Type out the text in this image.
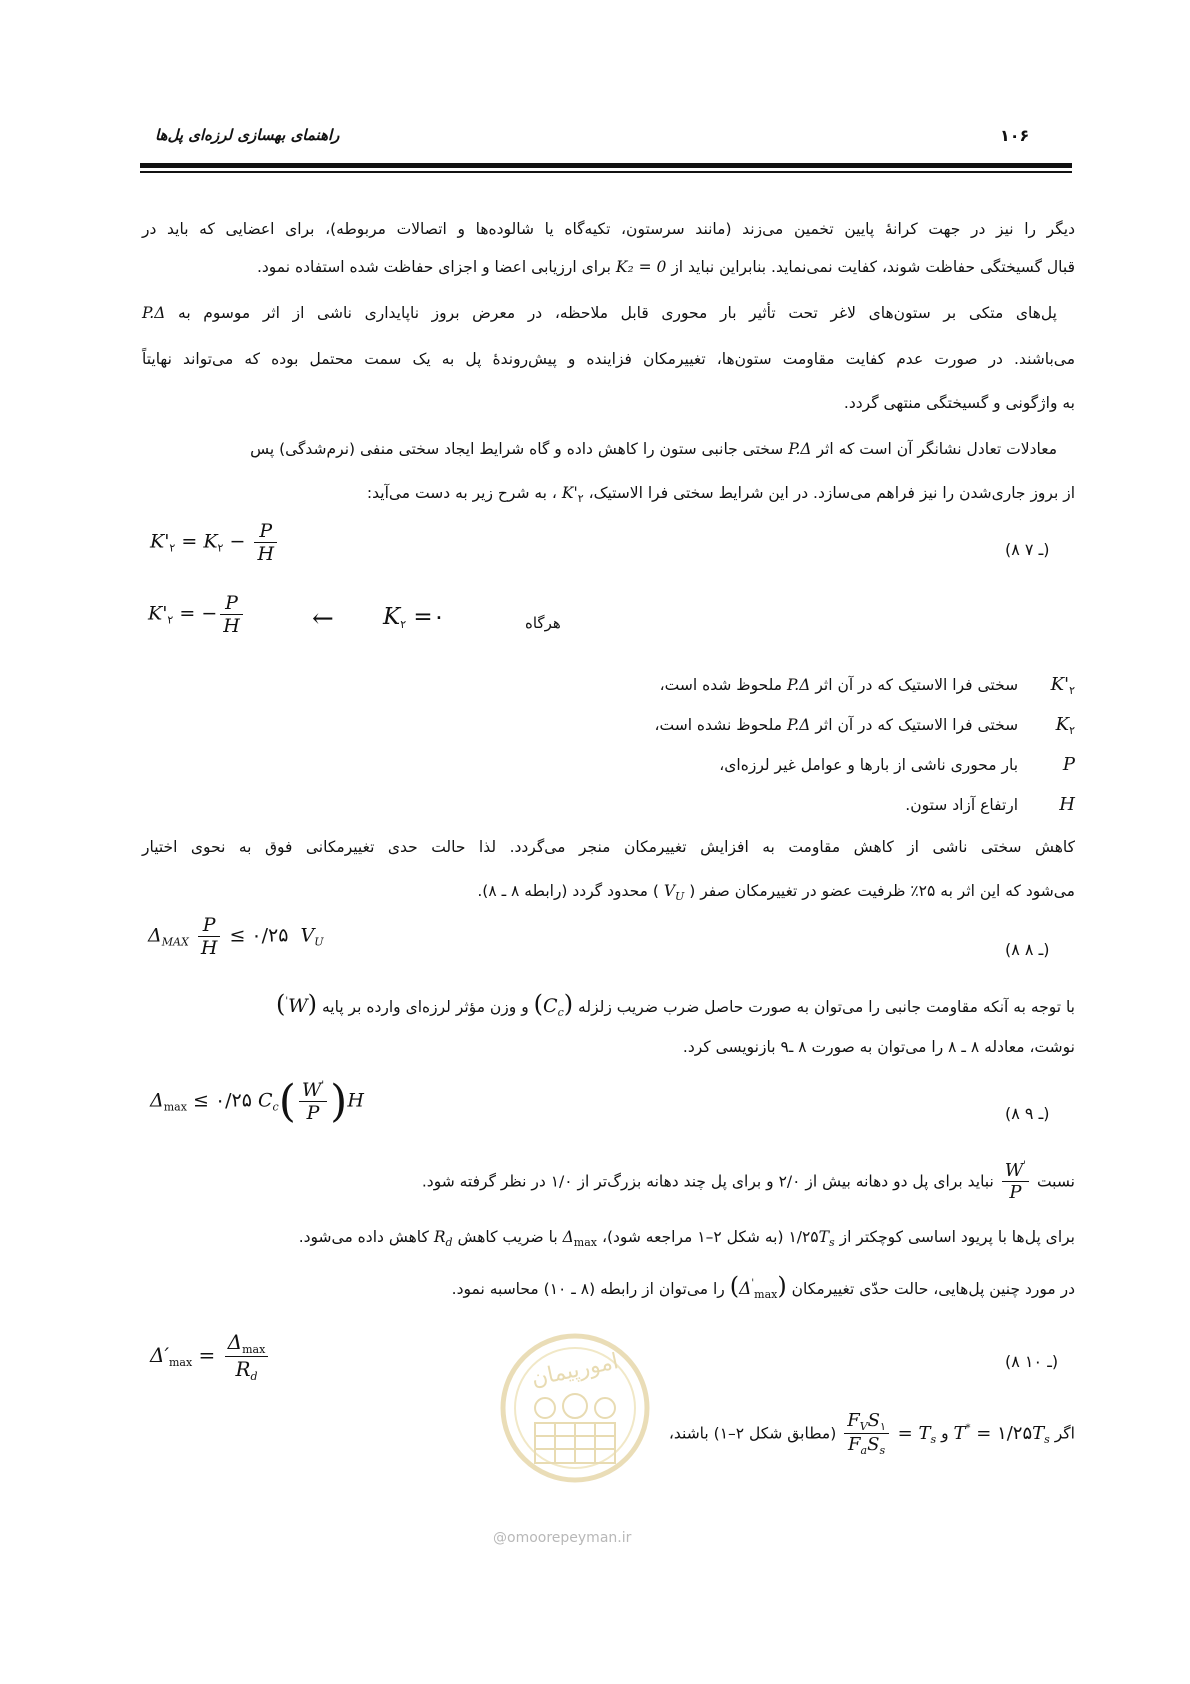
۱۰۶
راهنمای بهسازی لرزه‌ای پل‌ها
دیگر را نیز در جهت کرانهٔ پایین تخمین می‌زند (مانند سرستون، تکیه‌گاه یا شالوده‌ها و اتصالات مربوطه)، برای اعضایی که باید در
قبال گسیختگی حفاظت شوند، کفایت نمی‌نماید. بنابراین نباید از K₂ = 0 برای ارزیابی اعضا و اجزای حفاظت شده استفاده نمود.
پل‌های متکی بر ستون‌های لاغر تحت تأثیر بار محوری قابل ملاحظه، در معرض بروز ناپایداری ناشی از اثر موسوم به P.Δ
می‌باشند. در صورت عدم کفایت مقاومت ستون‌ها، تغییرمکان فزاینده و پیش‌روندهٔ پل به یک سمت محتمل بوده که می‌تواند نهایتاً
به واژگونی و گسیختگی منتهی گردد.
معادلات تعادل نشانگر آن است که اثر P.Δ سختی جانبی ستون را کاهش داده و گاه شرایط ایجاد سختی منفی (نرم‌شدگی) پس
از بروز جاری‌شدن را نیز فراهم می‌سازد. در این شرایط سختی فرا الاستیک، $K'_۲$ ، به شرح زیر به دست می‌آید:
$K'_۲ = K_۲ - \frac{P}{H}$	(۸ ـ ۷)
$K'_۲$ = − $\frac{P}{H}$	← $K_۲$ =۰	هرگاه
$K'_۲$ سختی فرا الاستیک که در آن اثر P.Δ ملحوظ شده است،
$K_۲$ سختی فرا الاستیک که در آن اثر P.Δ ملحوظ نشده است،
P بار محوری ناشی از بارها و عوامل غیر لرزه‌ای،
H ارتفاع آزاد ستون.
کاهش سختی ناشی از کاهش مقاومت به افزایش تغییرمکان منجر می‌گردد. لذا حالت حدی تغییرمکانی فوق به نحوی اختیار
می‌شود که این اثر به ۲۵٪ ظرفیت عضو در تغییرمکان صفر ( $V_U$ ) محدود گردد (رابطه ۸ ـ ۸).
$\Delta_{MAX} \frac{P}{H}$ ≤ ۰/۲۵  $V_U$	(۸ ـ ۸)
با توجه به آنکه مقاومت جانبی را می‌توان به صورت حاصل ضرب ضریب زلزله $(C_c)$ و وزن مؤثر لرزه‌ای وارده بر پایه (W')
نوشت، معادله ۸ ـ ۸ را می‌توان به صورت ۸ ـ۹ بازنویسی کرد.
$\Delta_{max}$ ≤ ۰/۲۵ $C_c( \frac{W'}{P} )H$
(۸ ـ ۹)
نسبت
$\frac{W'}{P}$
نباید برای پل دو دهانه بیش از ۲/۰ و برای پل چند دهانه بزرگ‌تر از ۱/۰ در نظر گرفته شود.
برای پل‌ها با پریود اساسی کوچکتر از $۱/۲۵T_s$ (به شکل ۲–۱ مراجعه شود)، $\Delta_{max}$ با ضریب کاهش $R_d$ کاهش داده می‌شود.
در مورد چنین پل‌هایی، حالت حدّی تغییرمکان $(\Delta'_{max})$ را می‌توان از رابطه (۸ ـ ۱۰) محاسبه نمود.
امورپیمان
$\Delta'_{max} = \frac{\Delta_{max}}{R_d}$	(۸ ـ ۱۰)
اگر $T^* = ۱/۲۵T_s$ و $T_s$ =
$\frac{F_VS_۱}{F_aS_s}$
(مطابق شکل ۲–۱) باشند،
@omoorepeyman.ir
